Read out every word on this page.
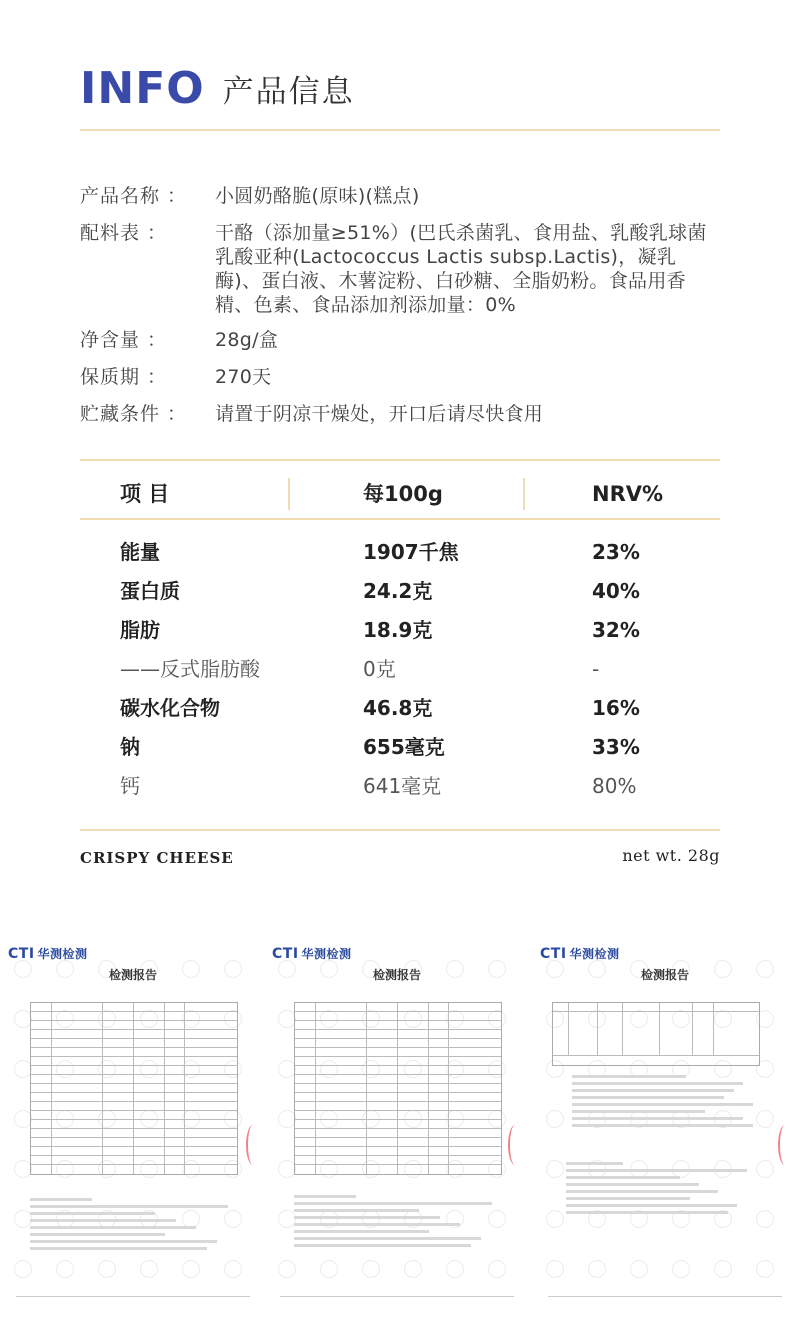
INFO 产品信息
产品名称 ：	小圆奶酪脆(原味)(糕点)
配料表 ：	干酪（添加量≥51%）(巴氏杀菌乳、食用盐、乳酸乳球菌乳酸亚种(Lactococcus Lactis subsp.Lactis)，凝乳酶)、蛋白液、木薯淀粉、白砂糖、全脂奶粉。食品用香精、色素、食品添加剂添加量：0%
净含量 ：	28g/盒
保质期 ：	270天
贮藏条件 ：	请置于阴凉干燥处，开口后请尽快食用
项 目	每100g	NRV%
能量	1907千焦	23%
蛋白质	24.2克	40%
脂肪	18.9克	32%
——反式脂肪酸	0克	-
碳水化合物	46.8克	16%
钠	655毫克	33%
钙	641毫克	80%
CRISPY CHEESE	net wt. 28g
CTI 华测检测
检测报告
CTI 华测检测
检测报告
CTI 华测检测
检测报告
